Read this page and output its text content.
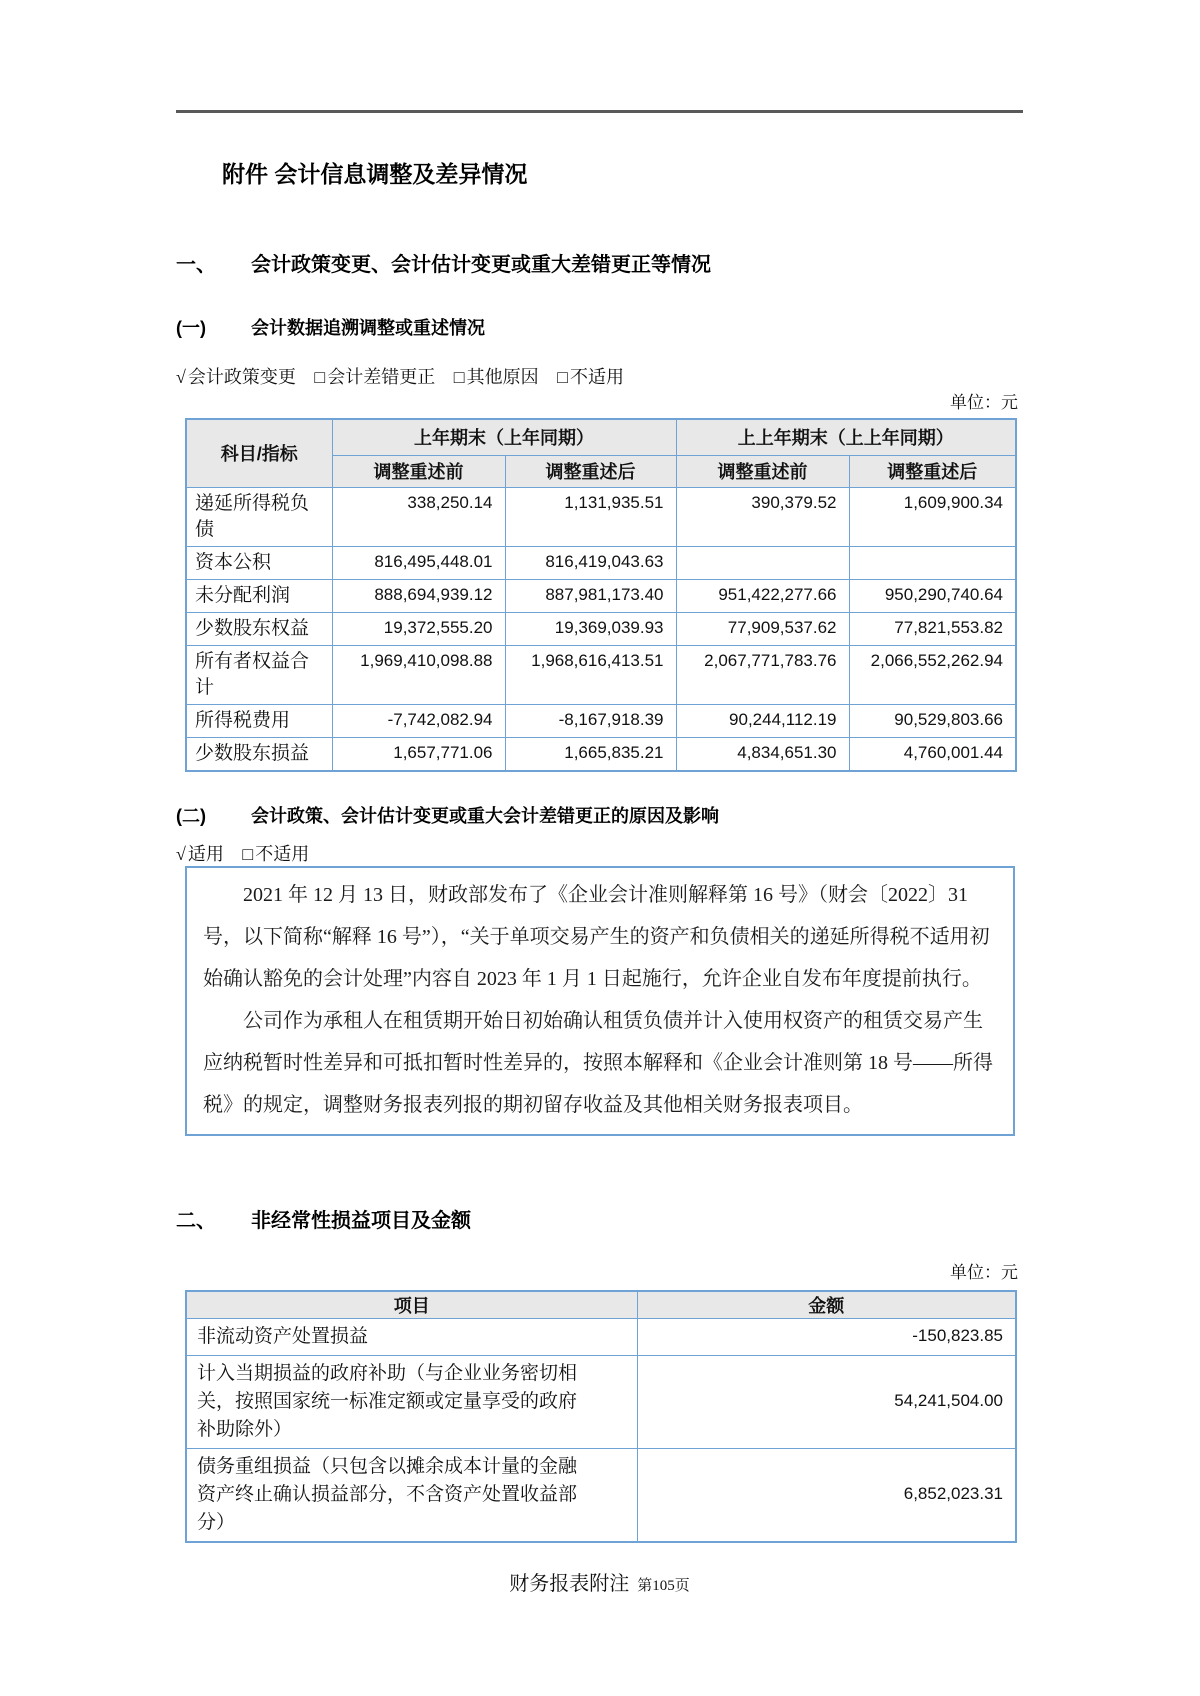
附件 会计信息调整及差异情况
一、 会计政策变更、会计估计变更或重大差错更正等情况
(一)	会计数据追溯调整或重述情况
√ 会计政策变更 □ 会计差错更正 □ 其他原因 □ 不适用
单位：元
科目/指标	上年期末（上年同期）		上上年期末（上上年同期）	
	调整重述前	调整重述后	调整重述前	调整重述后
递延所得税负债	338,250.14	1,131,935.51	390,379.52	1,609,900.34
资本公积	816,495,448.01	816,419,043.63		
未分配利润	888,694,939.12	887,981,173.40	951,422,277.66	950,290,740.64
少数股东权益	19,372,555.20	19,369,039.93	77,909,537.62	77,821,553.82
所有者权益合计	1,969,410,098.88	1,968,616,413.51	2,067,771,783.76	2,066,552,262.94
所得税费用	-7,742,082.94	-8,167,918.39	90,244,112.19	90,529,803.66
少数股东损益	1,657,771.06	1,665,835.21	4,834,651.30	4,760,001.44
(二)	会计政策、会计估计变更或重大会计差错更正的原因及影响
√ 适用 □ 不适用

2021 年 12 月 13 日，财政部发布了《企业会计准则解释第 16 号》（财会〔2022〕31 号，以下简称“解释 16 号”），“关于单项交易产生的资产和负债相关的递延所得税不适用初始确认豁免的会计处理”内容自 2023 年 1 月 1 日起施行，允许企业自发布年度提前执行。

公司作为承租人在租赁期开始日初始确认租赁负债并计入使用权资产的租赁交易产生应纳税暂时性差异和可抵扣暂时性差异的，按照本解释和《企业会计准则第 18 号——所得税》的规定，调整财务报表列报的期初留存收益及其他相关财务报表项目。

二、 非经常性损益项目及金额
单位：元
项目	金额
非流动资产处置损益	-150,823.85
计入当期损益的政府补助（与企业业务密切相关，按照国家统一标准定额或定量享受的政府补助除外）	54,241,504.00
债务重组损益（只包含以摊余成本计量的金融资产终止确认损益部分，不含资产处置收益部分）	6,852,023.31
财务报表附注 第105页
